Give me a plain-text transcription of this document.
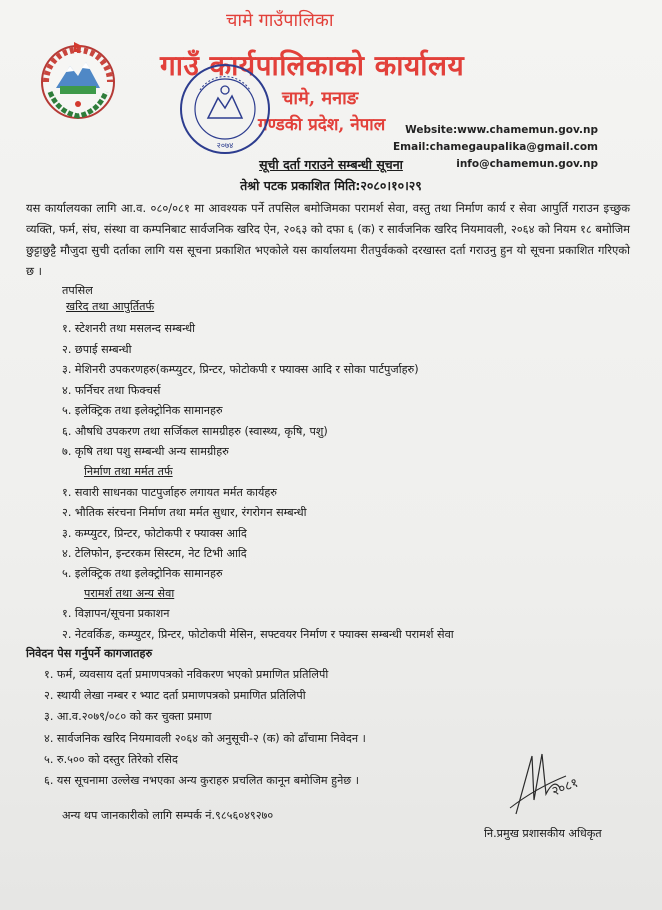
चामे गाउँपालिका
गाउँ कार्यपालिकाको कार्यालय
चामे, मनाङ
गण्डकी प्रदेश, नेपाल
२०७४
Website:www.chamemun.gov.np
Email:chamegaupalika@gmail.com
info@chamemun.gov.np
सूची दर्ता गराउने सम्बन्धी सूचना
तेश्रो पटक प्रकाशित मिति:२०८०।१०।२९
यस कार्यालयका लागि आ.व. ०८०/०८१ मा आवश्यक पर्ने तपसिल बमोजिमका परामर्श सेवा, वस्तु तथा निर्माण कार्य र सेवा आपुर्ति गराउन इच्छुक व्यक्ति, फर्म, संघ, संस्था वा कम्पनिबाट सार्वजनिक खरिद ऐन, २०६३ को दफा ६ (क) र सार्वजनिक खरिद नियमावली, २०६४ को नियम १८ बमोजिम छुट्टाछुट्टै मौजुदा सुची दर्ताका लागि यस सूचना प्रकाशित भएकोले यस कार्यालयमा रीतपुर्वकको दरखास्त दर्ता गराउनु हुन यो सूचना प्रकाशित गरिएको छ ।
तपसिल
खरिद तथा आपुर्तितर्फ
१. स्टेशनरी तथा मसलन्द सम्बन्धी
२. छपाई सम्बन्धी
३. मेशिनरी उपकरणहरु(कम्प्युटर, प्रिन्टर, फोटोकपी र फ्याक्स आदि र सोका पार्टपुर्जाहरु)
४. फर्निचर तथा फिक्चर्स
५. इलेक्ट्रिक तथा इलेक्ट्रोनिक सामानहरु
६. औषधि उपकरण तथा सर्जिकल सामग्रीहरु (स्वास्थ्य, कृषि, पशु)
७. कृषि तथा पशु सम्बन्धी अन्य सामग्रीहरु
निर्माण तथा मर्मत तर्फ
१. सवारी साधनका पाटपुर्जाहरु लगायत मर्मत कार्यहरु
२. भौतिक संरचना निर्माण तथा मर्मत सुधार, रंगरोगन सम्बन्धी
३. कम्प्युटर, प्रिन्टर, फोटोकपी र फ्याक्स आदि
४. टेलिफोन, इन्टरकम सिस्टम, नेट टिभी आदि
५. इलेक्ट्रिक तथा इलेक्ट्रोनिक सामानहरु
परामर्श तथा अन्य सेवा
१. विज्ञापन/सूचना प्रकाशन
२. नेटवर्किङ, कम्प्युटर, प्रिन्टर, फोटोकपी मेसिन, सफ्टवयर निर्माण र फ्याक्स सम्बन्धी परामर्श सेवा
निवेदन पेस गर्नुपर्ने कागजातहरु
१. फर्म, व्यवसाय दर्ता प्रमाणपत्रको नविकरण भएको प्रमाणित प्रतिलिपी
२. स्थायी लेखा नम्बर र भ्याट दर्ता प्रमाणपत्रको प्रमाणित प्रतिलिपी
३. आ.व.२०७९/०८० को कर चुक्ता प्रमाण
४. सार्वजनिक खरिद नियमावली २०६४ को अनुसूची-२ (क) को ढाँचामा निवेदन ।
५. रु.५०० को दस्तुर तिरेको रसिद
६. यस सूचनामा उल्लेख नभएका अन्य कुराहरु प्रचलित कानून बमोजिम हुनेछ ।
अन्य थप जानकारीको लागि सम्पर्क नं.९८५६०४९२७०
२०८१
नि.प्रमुख प्रशासकीय अधिकृत
